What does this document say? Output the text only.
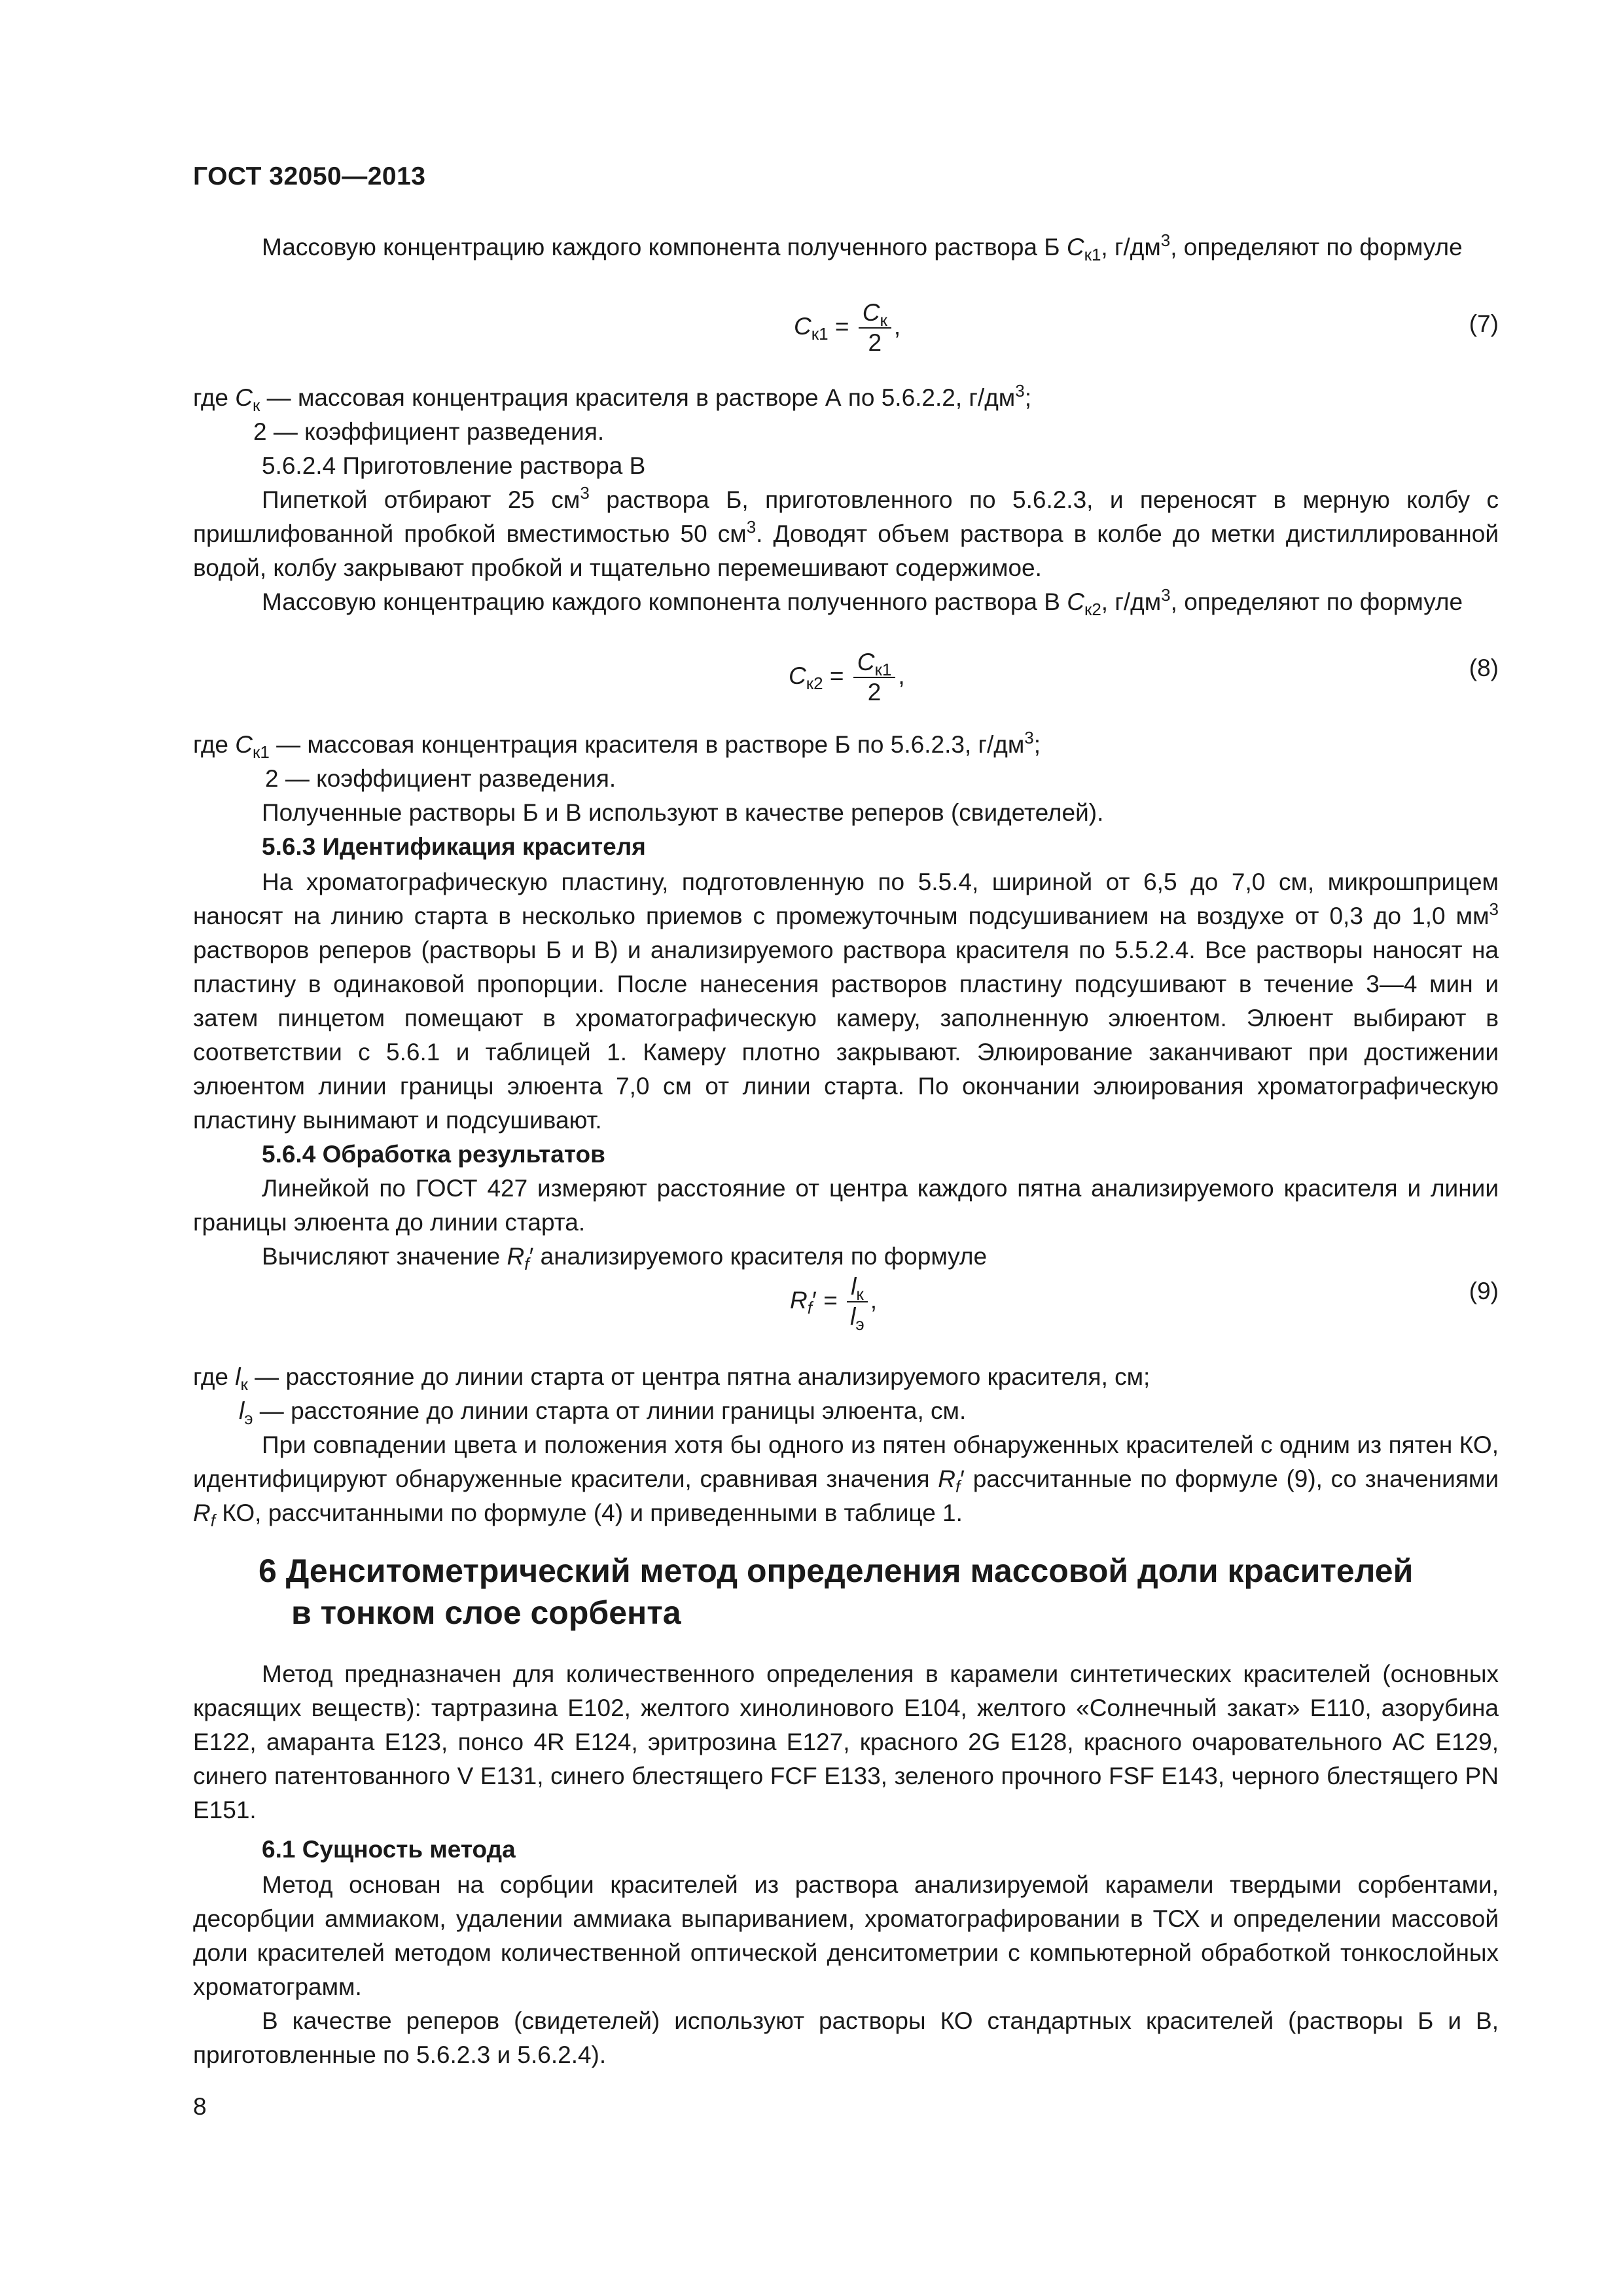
ГОСТ 32050—2013
Массовую концентрацию каждого компонента полученного раствора Б $C_{к1}$, $г/дм^3$, определяют по формуле
$C_{к1} = \frac{C_к}{2}$ ,	(7)
где $C_к$ — массовая концентрация красителя в растворе А по 5.6.2.2, $г/дм^3$;
2 — коэффициент разведения.
5.6.2.4 Приготовление раствора В
Пипеткой отбирают 25 $см^3$ раствора Б, приготовленного по 5.6.2.3, и переносят в мерную колбу с пришлифованной пробкой вместимостью 50 $см^3$. Доводят объем раствора в колбе до метки дистиллированной водой, колбу закрывают пробкой и тщательно перемешивают содержимое.
Массовую концентрацию каждого компонента полученного раствора В $C_{к2}$, $г/дм^3$, определяют по формуле
$C_{к2} = \frac{C_{к1}}{2}$ ,	(8)
где $C_{к1}$ — массовая концентрация красителя в растворе Б по 5.6.2.3, $г/дм^3$;
2 — коэффициент разведения.
Полученные растворы Б и В используют в качестве реперов (свидетелей).
5.6.3 Идентификация красителя
На хроматографическую пластину, подготовленную по 5.5.4, шириной от 6,5 до 7,0 см, микрошприцем наносят на линию старта в несколько приемов с промежуточным подсушиванием на воздухе от 0,3 до 1,0 $мм^3$ растворов реперов (растворы Б и В) и анализируемого раствора красителя по 5.5.2.4. Все растворы наносят на пластину в одинаковой пропорции. После нанесения растворов пластину подсушивают в течение 3—4 мин и затем пинцетом помещают в хроматографическую камеру, заполненную элюентом. Элюент выбирают в соответствии с 5.6.1 и таблицей 1. Камеру плотно закрывают. Элюирование заканчивают при достижении элюентом линии границы элюента 7,0 см от линии старта. По окончании элюирования хроматографическую пластину вынимают и подсушивают.
5.6.4 Обработка результатов
Линейкой по ГОСТ 427 измеряют расстояние от центра каждого пятна анализируемого красителя и линии границы элюента до линии старта.
Вычисляют значение $R_f'$ анализируемого красителя по формуле
$R_f' = \frac{l_к}{l_э}$ ,	(9)
где $l_к$ — расстояние до линии старта от центра пятна анализируемого красителя, см;
$l_э$ — расстояние до линии старта от линии границы элюента, см.
При совпадении цвета и положения хотя бы одного из пятен обнаруженных красителей с одним из пятен КО, идентифицируют обнаруженные красители, сравнивая значения $R_f'$ рассчитанные по формуле (9), со значениями $R_f$ КО, рассчитанными по формуле (4) и приведенными в таблице 1.
6 Денситометрический метод определения массовой доли красителей
в тонком слое сорбента
Метод предназначен для количественного определения в карамели синтетических красителей (основных красящих веществ): тартразина Е102, желтого хинолинового Е104, желтого «Солнечный закат» Е110, азорубина Е122, амаранта Е123, понсо 4R Е124, эритрозина Е127, красного 2G Е128, красного очаровательного АС Е129, синего патентованного V Е131, синего блестящего FCF Е133, зеленого прочного FSF Е143, черного блестящего PN Е151.
6.1 Сущность метода
Метод основан на сорбции красителей из раствора анализируемой карамели твердыми сорбентами, десорбции аммиаком, удалении аммиака выпариванием, хроматографировании в ТСХ и определении массовой доли красителей методом количественной оптической денситометрии с компьютерной обработкой тонкослойных хроматограмм.
В качестве реперов (свидетелей) используют растворы КО стандартных красителей (растворы Б и В, приготовленные по 5.6.2.3 и 5.6.2.4).
8
